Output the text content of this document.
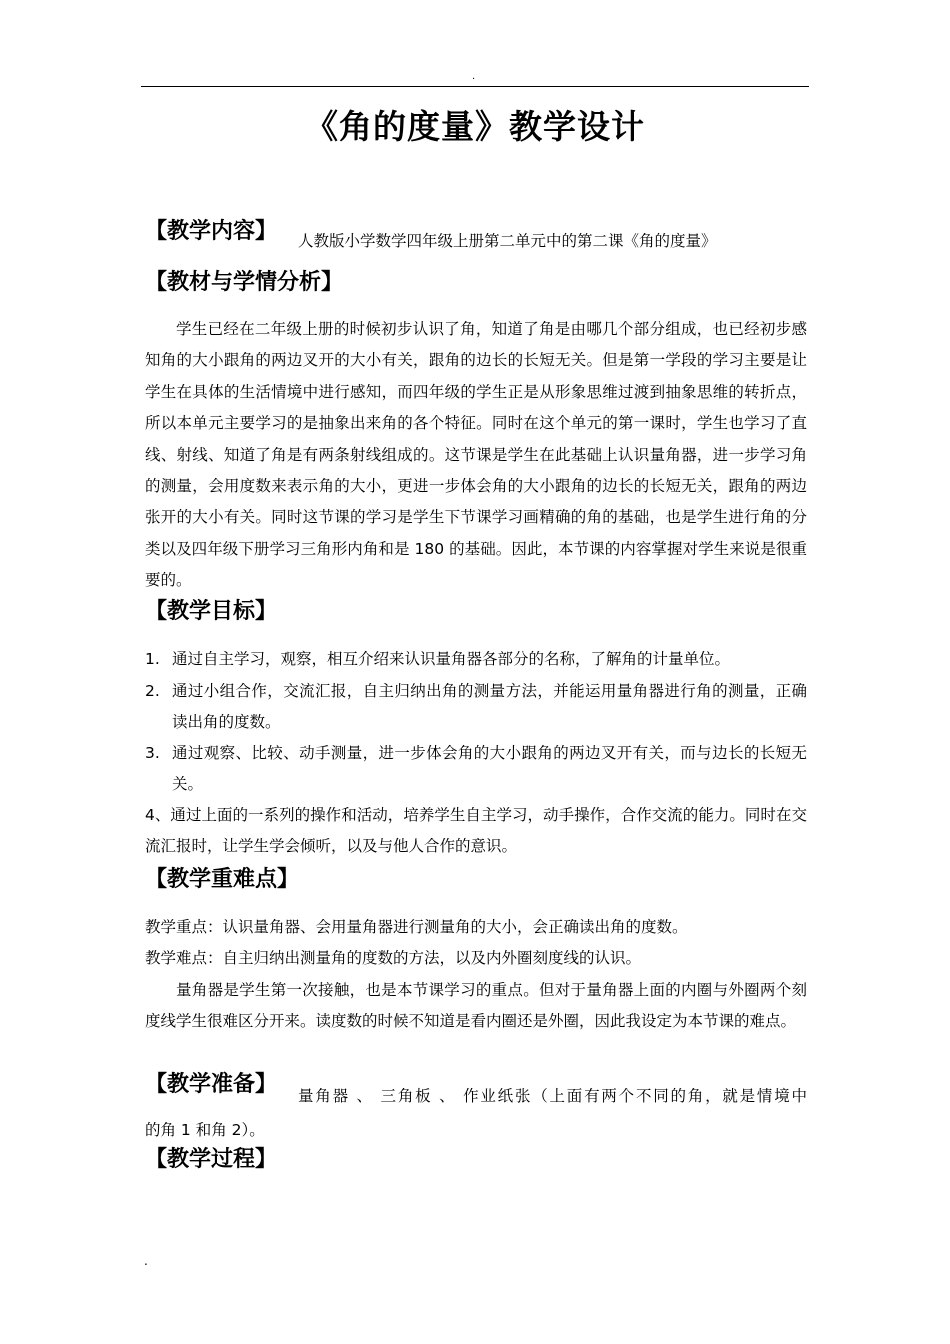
.
《角的度量》教学设计
【教学内容】 人教版小学数学四年级上册第二单元中的第二课《角的度量》
【教材与学情分析】
学生已经在二年级上册的时候初步认识了角，知道了角是由哪几个部分组成，也已经初步感知角的大小跟角的两边叉开的大小有关，跟角的边长的长短无关。但是第一学段的学习主要是让学生在具体的生活情境中进行感知，而四年级的学生正是从形象思维过渡到抽象思维的转折点，所以本单元主要学习的是抽象出来角的各个特征。同时在这个单元的第一课时，学生也学习了直线、射线、知道了角是有两条射线组成的。这节课是学生在此基础上认识量角器，进一步学习角的测量，会用度数来表示角的大小，更进一步体会角的大小跟角的边长的长短无关，跟角的两边张开的大小有关。同时这节课的学习是学生下节课学习画精确的角的基础，也是学生进行角的分类以及四年级下册学习三角形内角和是 180 的基础。因此，本节课的内容掌握对学生来说是很重要的。
【教学目标】
1. 通过自主学习，观察，相互介绍来认识量角器各部分的名称，了解角的计量单位。
2. 通过小组合作，交流汇报，自主归纳出角的测量方法，并能运用量角器进行角的测量，正确读出角的度数。
3. 通过观察、比较、动手测量，进一步体会角的大小跟角的两边叉开有关，而与边长的长短无关。
4、通过上面的一系列的操作和活动，培养学生自主学习，动手操作，合作交流的能力。同时在交流汇报时，让学生学会倾听，以及与他人合作的意识。
【教学重难点】
教学重点：认识量角器、会用量角器进行测量角的大小，会正确读出角的度数。
教学难点：自主归纳出测量角的度数的方法，以及内外圈刻度线的认识。
量角器是学生第一次接触，也是本节课学习的重点。但对于量角器上面的内圈与外圈两个刻度线学生很难区分开来。读度数的时候不知道是看内圈还是外圈，因此我设定为本节课的难点。
【教学准备】 量角器 、 三角板 、 作业纸张（上面有两个不同的角，就是情境中
的角 1 和角 2）。
【教学过程】
.
